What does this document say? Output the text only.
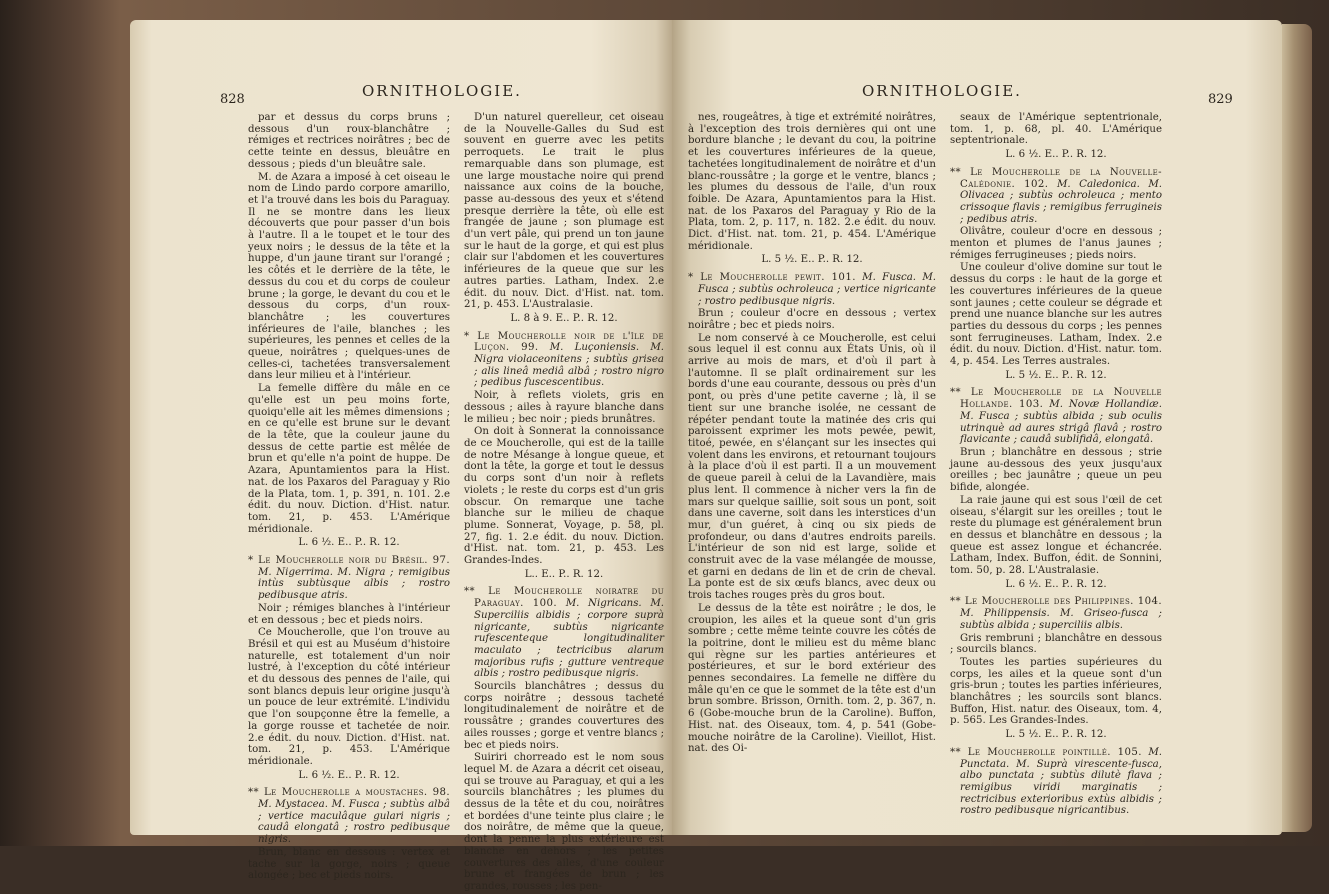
828	ORNITHOLOGIE.

par et dessus du corps bruns ; dessous d'un roux-blanchâtre ; rémiges et rectrices noirâtres ; bec de cette teinte en dessus, bleuâtre en dessous ; pieds d'un bleuâtre sale.

M. de Azara a imposé à cet oiseau le nom de Lindo pardo corpore amarillo, et l'a trouvé dans les bois du Paraguay. Il ne se montre dans les lieux découverts que pour passer d'un bois à l'autre. Il a le toupet et le tour des yeux noirs ; le dessus de la tête et la huppe, d'un jaune tirant sur l'orangé ; les côtés et le derrière de la tête, le dessus du cou et du corps de couleur brune ; la gorge, le devant du cou et le dessous du corps, d'un roux-blanchâtre ; les couvertures inférieures de l'aile, blanches ; les supérieures, les pennes et celles de la queue, noirâtres ; quelques-unes de celles-ci, tachetées transversalement dans leur milieu et à l'intérieur.

La femelle diffère du mâle en ce qu'elle est un peu moins forte, quoiqu'elle ait les mêmes dimensions ; en ce qu'elle est brune sur le devant de la tête, que la couleur jaune du dessus de cette partie est mêlée de brun et qu'elle n'a point de huppe. De Azara, Apuntamientos para la Hist. nat. de los Paxaros del Paraguay y Rio de la Plata, tom. 1, p. 391, n. 101. 2.e édit. du nouv. Diction. d'Hist. natur. tom. 21, p. 453. L'Amérique méridionale.

L. 6 ½. E.. P.. R. 12.

* Le Moucherolle noir du Brésil. 97. M. Nigerrima. M. Nigra ; remigibus intùs subtùsque albis ; rostro pedibusque atris.

Noir ; rémiges blanches à l'intérieur et en dessous ; bec et pieds noirs.

Ce Moucherolle, que l'on trouve au Brésil et qui est au Muséum d'histoire naturelle, est totalement d'un noir lustré, à l'exception du côté intérieur et du dessous des pennes de l'aile, qui sont blancs depuis leur origine jusqu'à un pouce de leur extrémité. L'individu que l'on soupçonne être la femelle, a la gorge rousse et tachetée de noir. 2.e édit. du nouv. Diction. d'Hist. nat. tom. 21, p. 453. L'Amérique méridionale.

L. 6 ½. E.. P.. R. 12.

** Le Moucherolle a moustaches. 98. M. Mystacea. M. Fusca ; subtùs albâ ; vertice maculâque gulari nigris ; caudâ elongatâ ; rostro pedibusque nigris.

Brun, blanc en dessous : vertex et tache sur la gorge, noirs ; queue alongée ; bec et pieds noirs.

D'un naturel querelleur, cet oiseau de la Nouvelle-Galles du Sud est souvent en guerre avec les petits perroquets. Le trait le plus remarquable dans son plumage, est une large moustache noire qui prend naissance aux coins de la bouche, passe au-dessous des yeux et s'étend presque derrière la tête, où elle est frangée de jaune ; son plumage est d'un vert pâle, qui prend un ton jaune sur le haut de la gorge, et qui est plus clair sur l'abdomen et les couvertures inférieures de la queue que sur les autres parties. Latham, Index. 2.e édit. du nouv. Dict. d'Hist. nat. tom. 21, p. 453. L'Australasie.

L. 8 à 9. E.. P.. R. 12.

* Le Moucherolle noir de l'île de Luçon. 99. M. Luçoniensis. M. Nigra violaceonitens ; subtùs grisea ; alis lineâ mediâ albâ ; rostro nigro ; pedibus fuscescentibus.

Noir, à reflets violets, gris en dessous ; ailes à rayure blanche dans le milieu ; bec noir ; pieds brunâtres.

On doit à Sonnerat la connoissance de ce Moucherolle, qui est de la taille de notre Mésange à longue queue, et dont la tête, la gorge et tout le dessus du corps sont d'un noir à reflets violets ; le reste du corps est d'un gris obscur. On remarque une tache blanche sur le milieu de chaque plume. Sonnerat, Voyage, p. 58, pl. 27, fig. 1. 2.e édit. du nouv. Diction. d'Hist. nat. tom. 21, p. 453. Les Grandes-Indes.

L.. E.. P.. R. 12.

** Le Moucherolle noiratre du Paraguay. 100. M. Nigricans. M. Superciliis albidis ; corpore suprà nigricante, subtùs nigricante rufescenteque longitudinaliter maculato ; tectricibus alarum majoribus rufis ; gutture ventreque albis ; rostro pedibusque nigris.

Sourcils blanchâtres ; dessus du corps noirâtre ; dessous tacheté longitudinalement de noirâtre et de roussâtre ; grandes couvertures des ailes rousses ; gorge et ventre blancs ; bec et pieds noirs.

Suiriri chorreado est le nom sous lequel M. de Azara a décrit cet oiseau, qui se trouve au Paraguay, et qui a les sourcils blanchâtres ; les plumes du dessus de la tête et du cou, noirâtres et bordées d'une teinte plus claire ; le dos noirâtre, de même que la queue, dont la penne la plus extérieure est blanche en dehors ; les petites couvertures des ailes, d'une couleur brune et frangées de brun ; les grandes, rousses ; les pen-

ORNITHOLOGIE.	829

nes, rougeâtres, à tige et extrémité noirâtres, à l'exception des trois dernières qui ont une bordure blanche ; le devant du cou, la poitrine et les couvertures inférieures de la queue, tachetées longitudinalement de noirâtre et d'un blanc-roussâtre ; la gorge et le ventre, blancs ; les plumes du dessous de l'aile, d'un roux foible. De Azara, Apuntamientos para la Hist. nat. de los Paxaros del Paraguay y Rio de la Plata, tom. 2, p. 117, n. 182. 2.e édit. du nouv. Dict. d'Hist. nat. tom. 21, p. 454. L'Amérique méridionale.

L. 5 ½. E.. P.. R. 12.

* Le Moucherolle pewit. 101. M. Fusca. M. Fusca ; subtùs ochroleuca ; vertice nigricante ; rostro pedibusque nigris.

Brun ; couleur d'ocre en dessous ; vertex noirâtre ; bec et pieds noirs.

Le nom conservé à ce Moucherolle, est celui sous lequel il est connu aux États Unis, où il arrive au mois de mars, et d'où il part à l'automne. Il se plaît ordinairement sur les bords d'une eau courante, dessous ou près d'un pont, ou près d'une petite caverne ; là, il se tient sur une branche isolée, ne cessant de répéter pendant toute la matinée des cris qui paroissent exprimer les mots pewée, pewit, titoé, pewée, en s'élançant sur les insectes qui volent dans les environs, et retournant toujours à la place d'où il est parti. Il a un mouvement de queue pareil à celui de la Lavandière, mais plus lent. Il commence à nicher vers la fin de mars sur quelque saillie, soit sous un pont, soit dans une caverne, soit dans les interstices d'un mur, d'un guéret, à cinq ou six pieds de profondeur, ou dans d'autres endroits pareils. L'intérieur de son nid est large, solide et construit avec de la vase mélangée de mousse, et garni en dedans de lin et de crin de cheval. La ponte est de six œufs blancs, avec deux ou trois taches rouges près du gros bout.

Le dessus de la tête est noirâtre ; le dos, le croupion, les ailes et la queue sont d'un gris sombre ; cette même teinte couvre les côtés de la poitrine, dont le milieu est du même blanc qui règne sur les parties antérieures et postérieures, et sur le bord extérieur des pennes secondaires. La femelle ne diffère du mâle qu'en ce que le sommet de la tête est d'un brun sombre. Brisson, Ornith. tom. 2, p. 367, n. 6 (Gobe-mouche brun de la Caroline). Buffon, Hist. nat. des Oiseaux, tom. 4, p. 541 (Gobe-mouche noirâtre de la Caroline). Vieillot, Hist. nat. des Oi-

seaux de l'Amérique septentrionale, tom. 1, p. 68, pl. 40. L'Amérique septentrionale.

L. 6 ½. E.. P.. R. 12.

** Le Moucherolle de la Nouvelle-Calédonie. 102. M. Caledonica. M. Olivacea ; subtùs ochroleuca ; mento crissoque flavis ; remigibus ferrugineis ; pedibus atris.

Olivâtre, couleur d'ocre en dessous ; menton et plumes de l'anus jaunes ; rémiges ferrugineuses ; pieds noirs.

Une couleur d'olive domine sur tout le dessus du corps : le haut de la gorge et les couvertures inférieures de la queue sont jaunes ; cette couleur se dégrade et prend une nuance blanche sur les autres parties du dessous du corps ; les pennes sont ferrugineuses. Latham, Index. 2.e édit. du nouv. Diction. d'Hist. natur. tom. 4, p. 454. Les Terres australes.

L. 5 ½. E.. P.. R. 12.

** Le Moucherolle de la Nouvelle Hollande. 103. M. Novæ Hollandiæ. M. Fusca ; subtùs albida ; sub oculis utrinquè ad aures strigâ flavâ ; rostro flavicante ; caudâ sublifidâ, elongatâ.

Brun ; blanchâtre en dessous ; strie jaune au-dessous des yeux jusqu'aux oreilles ; bec jaunâtre ; queue un peu bifide, alongée.

La raie jaune qui est sous l'œil de cet oiseau, s'élargit sur les oreilles ; tout le reste du plumage est généralement brun en dessus et blanchâtre en dessous ; la queue est assez longue et échancrée. Latham, Index. Buffon, édit. de Sonnini, tom. 50, p. 28. L'Australasie.

L. 6 ½. E.. P.. R. 12.

** Le Moucherolle des Philippines. 104. M. Philippensis. M. Griseo-fusca ; subtùs albida ; superciliis albis.

Gris rembruni ; blanchâtre en dessous ; sourcils blancs.

Toutes les parties supérieures du corps, les ailes et la queue sont d'un gris-brun ; toutes les parties inférieures, blanchâtres ; les sourcils sont blancs. Buffon, Hist. natur. des Oiseaux, tom. 4, p. 565. Les Grandes-Indes.

L. 5 ½. E.. P.. R. 12.

** Le Moucherolle pointillé. 105. M. Punctata. M. Suprà virescente-fusca, albo punctata ; subtùs dilutè flava ; remigibus viridi marginatis ; rectricibus exterioribus extùs albidis ; rostro pedibusque nigricantibus.
